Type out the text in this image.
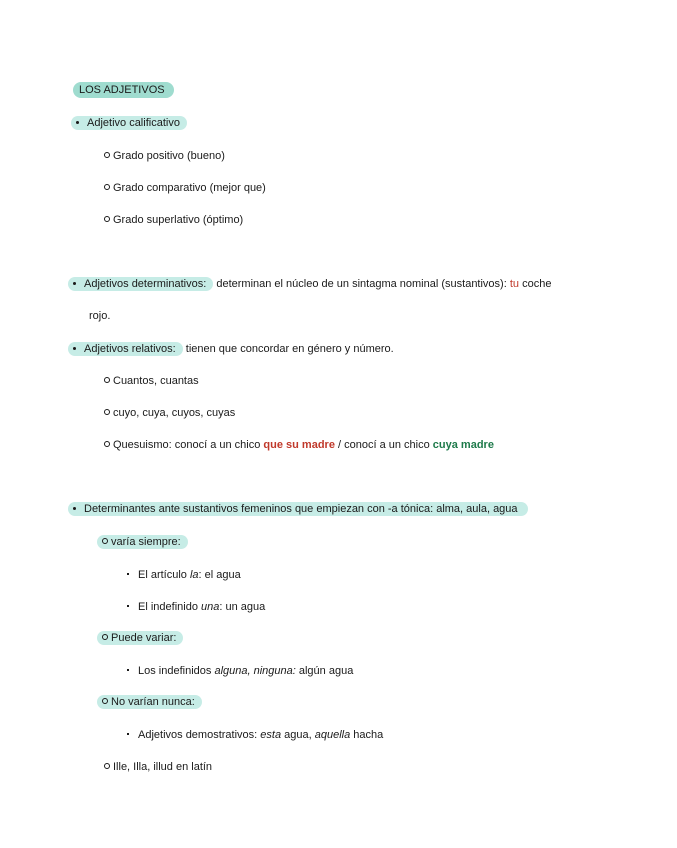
LOS ADJETIVOS
Adjetivo calificativo
Grado positivo (bueno)
Grado comparativo (mejor que)
Grado superlativo (óptimo)
Adjetivos determinativos: determinan el núcleo de un sintagma nominal (sustantivos): tu coche
rojo.
Adjetivos relativos: tienen que concordar en género y número.
Cuantos, cuantas
cuyo, cuya, cuyos, cuyas
Quesuismo: conocí a un chico que su madre / conocí a un chico cuya madre
Determinantes ante sustantivos femeninos que empiezan con -a tónica: alma, aula, agua
varía siempre:
El artículo la: el agua
El indefinido una: un agua
Puede variar:
Los indefinidos alguna, ninguna: algún agua
No varían nunca:
Adjetivos demostrativos: esta agua, aquella hacha
Ille, Illa, illud en latín
